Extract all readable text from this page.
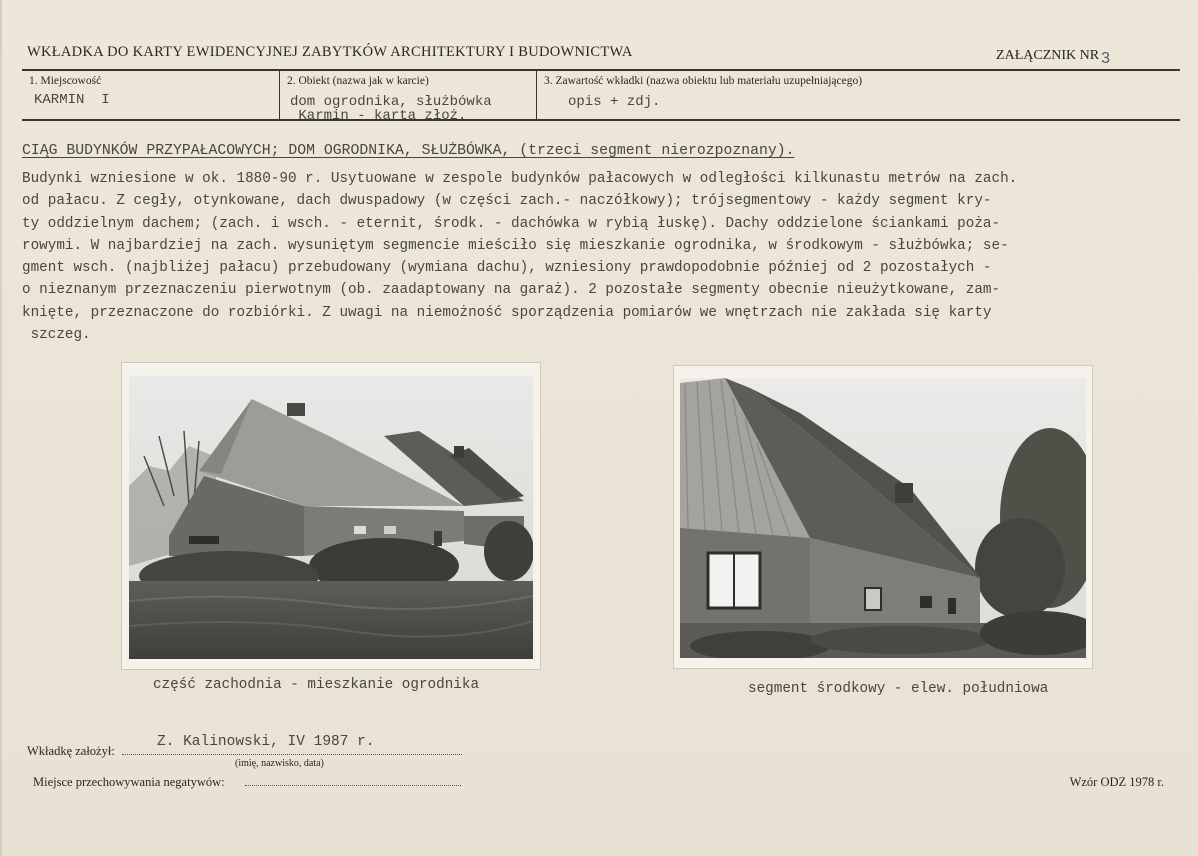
WKŁADKA DO KARTY EWIDENCYJNEJ ZABYTKÓW ARCHITEKTURY I BUDOWNICTWA	ZAŁĄCZNIK NR 3
1. Miejscowość
KARMIN  I
2. Obiekt (nazwa jak w karcie)
dom ogrodnika, służbówka
Karmin - karta złoż.
3. Zawartość wkładki (nazwa obiektu lub materiału uzupełniającego)
opis + zdj.
CIĄG BUDYNKÓW PRZYPAŁACOWYCH; DOM OGRODNIKA, SŁUŻBÓWKA, (trzeci segment nierozpoznany).
Budynki wzniesione w ok. 1880-90 r. Usytuowane w zespole budynków pałacowych w odległości kilkunastu metrów na zach.
od pałacu. Z cegły, otynkowane, dach dwuspadowy (w części zach.- naczółkowy); trójsegmentowy - każdy segment kry-
ty oddzielnym dachem; (zach. i wsch. - eternit, środk. - dachówka w rybią łuskę). Dachy oddzielone ściankami poża-
rowymi. W najbardziej na zach. wysuniętym segmencie mieściło się mieszkanie ogrodnika, w środkowym - służbówka; se-
gment wsch. (najbliżej pałacu) przebudowany (wymiana dachu), wzniesiony prawdopodobnie później od 2 pozostałych -
o nieznanym przeznaczeniu pierwotnym (ob. zaadaptowany na garaż). 2 pozostałe segmenty obecnie nieużytkowane, zam-
knięte, przeznaczone do rozbiórki. Z uwagi na niemożność sporządzenia pomiarów we wnętrzach nie zakłada się karty
szczeg.
część zachodnia - mieszkanie ogrodnika	segment środkowy - elew. południowa
Wkładkę założył:
Z. Kalinowski, IV 1987 r.
(imię, nazwisko, data)
Miejsce przechowywania negatywów:	Wzór ODZ 1978 r.
